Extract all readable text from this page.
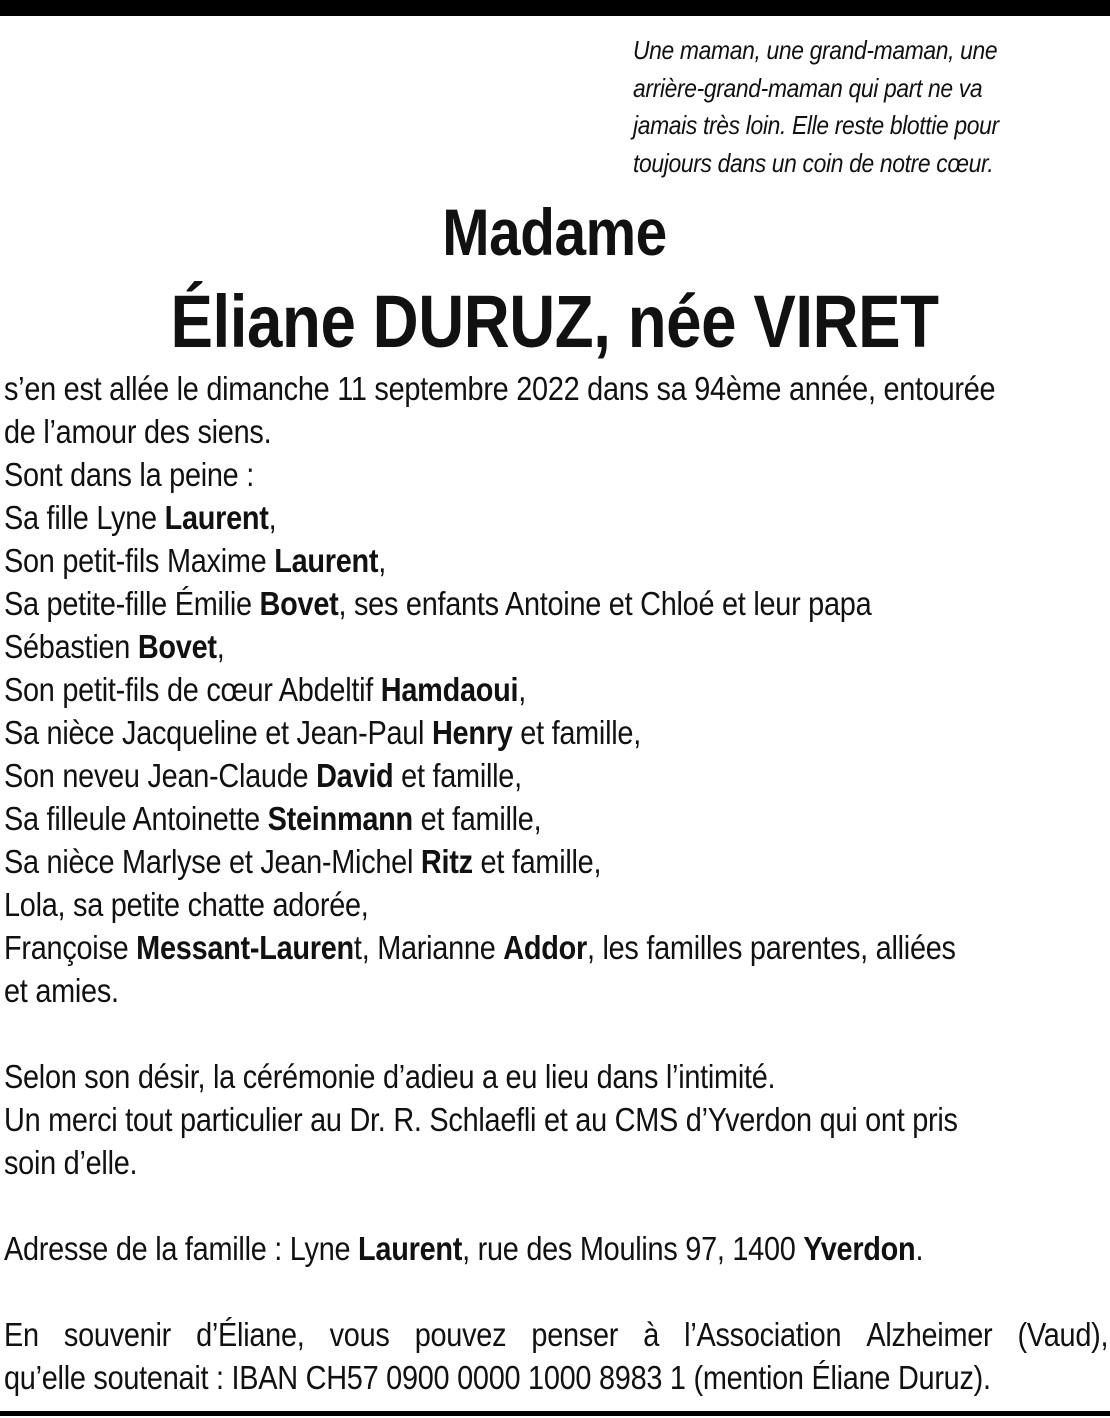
Une maman, une grand-maman, une
arrière-grand-maman qui part ne va
jamais très loin. Elle reste blottie pour
toujours dans un coin de notre cœur.
Madame
Éliane DURUZ, née VIRET
s’en est allée le dimanche 11 septembre 2022 dans sa 94ème année, entourée
de l’amour des siens.
Sont dans la peine :
Sa fille Lyne Laurent,
Son petit-fils Maxime Laurent,
Sa petite-fille Émilie Bovet, ses enfants Antoine et Chloé et leur papa
Sébastien Bovet,
Son petit-fils de cœur Abdeltif Hamdaoui,
Sa nièce Jacqueline et Jean-Paul Henry et famille,
Son neveu Jean-Claude David et famille,
Sa filleule Antoinette Steinmann et famille,
Sa nièce Marlyse et Jean-Michel Ritz et famille,
Lola, sa petite chatte adorée,
Françoise Messant-Laurent, Marianne Addor, les familles parentes, alliées
et amies.
Selon son désir, la cérémonie d’adieu a eu lieu dans l’intimité.
Un merci tout particulier au Dr. R. Schlaefli et au CMS d’Yverdon qui ont pris
soin d’elle.
Adresse de la famille : Lyne Laurent, rue des Moulins 97, 1400 Yverdon.
En souvenir d’Éliane, vous pouvez penser à l’Association Alzheimer (Vaud),
qu’elle soutenait : IBAN CH57 0900 0000 1000 8983 1 (mention Éliane Duruz).
